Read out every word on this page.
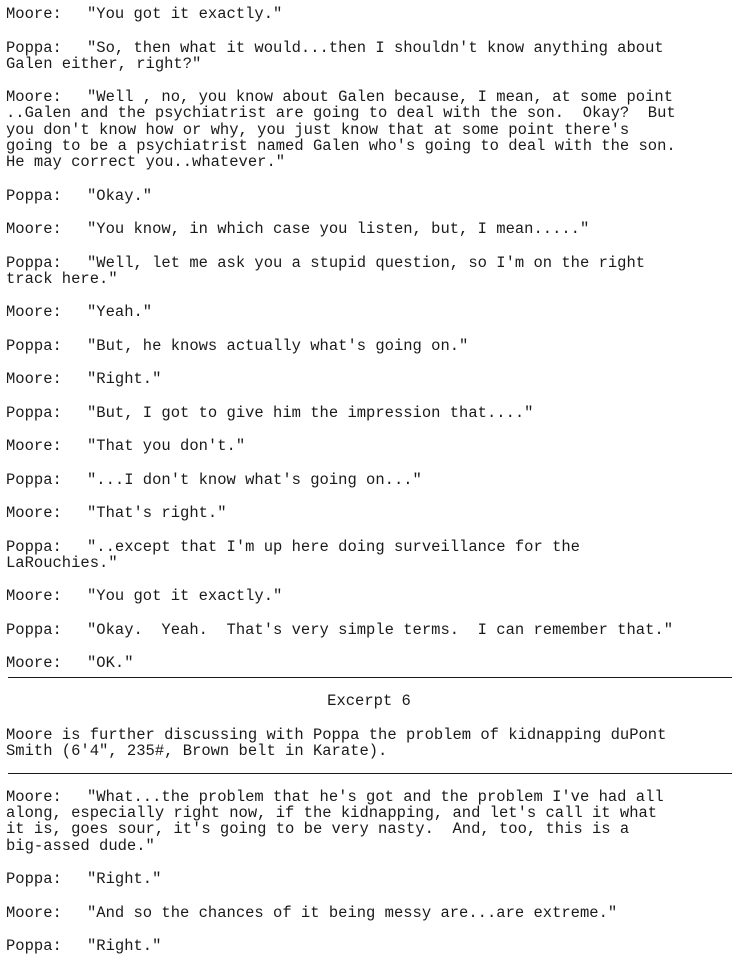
Moore: "You got it exactly."
Poppa: "So, then what it would...then I shouldn't know anything about
Galen either, right?"
Moore: "Well , no, you know about Galen because, I mean, at some point
..Galen and the psychiatrist are going to deal with the son.  Okay?  But
you don't know how or why, you just know that at some point there's
going to be a psychiatrist named Galen who's going to deal with the son.
He may correct you..whatever."
Poppa: "Okay."
Moore: "You know, in which case you listen, but, I mean....."
Poppa: "Well, let me ask you a stupid question, so I'm on the right
track here."
Moore: "Yeah."
Poppa: "But, he knows actually what's going on."
Moore: "Right."
Poppa: "But, I got to give him the impression that...."
Moore: "That you don't."
Poppa: "...I don't know what's going on..."
Moore: "That's right."
Poppa: "..except that I'm up here doing surveillance for the
LaRouchies."
Moore: "You got it exactly."
Poppa: "Okay.  Yeah.  That's very simple terms.  I can remember that."
Moore: "OK."
Excerpt 6
Moore is further discussing with Poppa the problem of kidnapping duPont
Smith (6'4", 235#, Brown belt in Karate).
Moore: "What...the problem that he's got and the problem I've had all
along, especially right now, if the kidnapping, and let's call it what
it is, goes sour, it's going to be very nasty.  And, too, this is a
big-assed dude."
Poppa: "Right."
Moore: "And so the chances of it being messy are...are extreme."
Poppa: "Right."
